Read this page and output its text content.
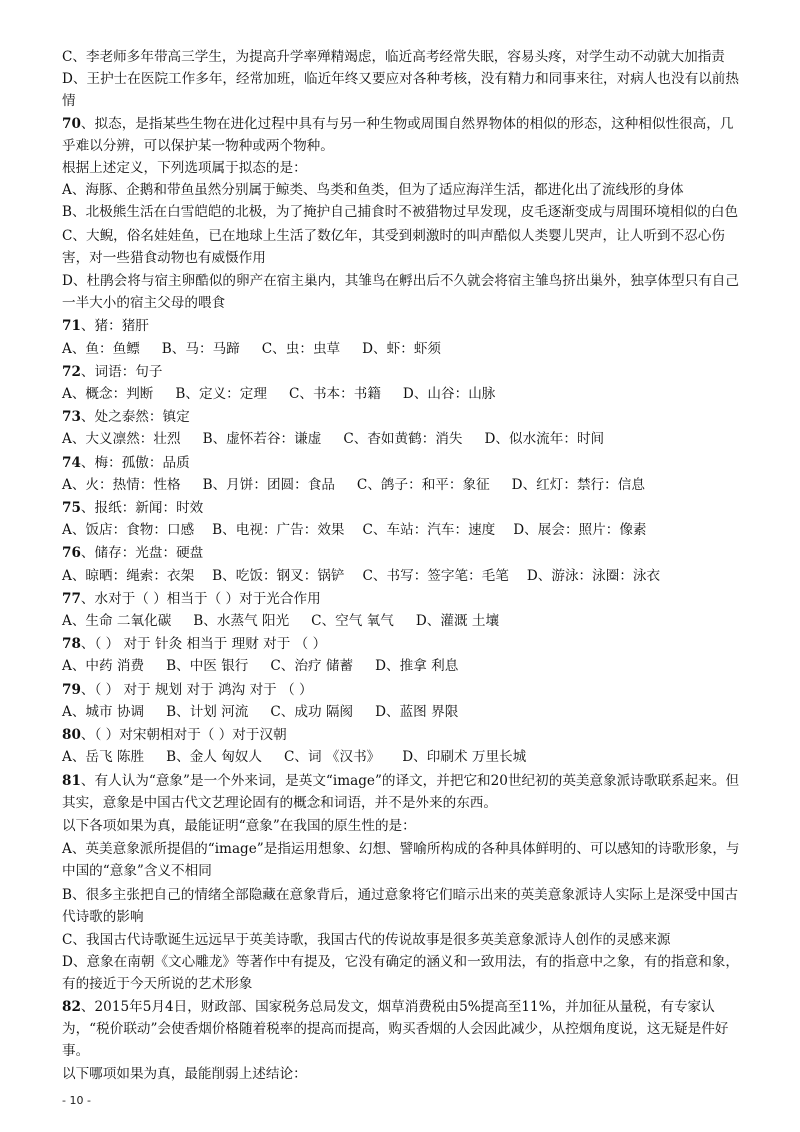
C、李老师多年带高三学生，为提高升学率殚精竭虑，临近高考经常失眠，容易头疼，对学生动不动就大加指责

D、王护士在医院工作多年，经常加班，临近年终又要应对各种考核，没有精力和同事来往，对病人也没有以前热情

70、拟态，是指某些生物在进化过程中具有与另一种生物或周围自然界物体的相似的形态，这种相似性很高，几乎难以分辨，可以保护某一物种或两个物种。

根据上述定义，下列选项属于拟态的是：

A、海豚、企鹅和带鱼虽然分别属于鲸类、鸟类和鱼类，但为了适应海洋生活，都进化出了流线形的身体

B、北极熊生活在白雪皑皑的北极，为了掩护自己捕食时不被猎物过早发现，皮毛逐渐变成与周围环境相似的白色

C、大鲵，俗名娃娃鱼，已在地球上生活了数亿年，其受到刺激时的叫声酷似人类婴儿哭声，让人听到不忍心伤害，对一些猎食动物也有威慑作用

D、杜鹃会将与宿主卵酷似的卵产在宿主巢内，其雏鸟在孵出后不久就会将宿主雏鸟挤出巢外，独享体型只有自己一半大小的宿主父母的喂食

71、猪：猪肝

A、鱼：鱼鳔 B、马：马蹄 C、虫：虫草 D、虾：虾须

72、词语：句子

A、概念：判断 B、定义：定理 C、书本：书籍 D、山谷：山脉

73、处之泰然：镇定

A、大义凛然：壮烈 B、虚怀若谷：谦虚 C、杳如黄鹤：消失 D、似水流年：时间

74、梅：孤傲：品质

A、火：热情：性格 B、月饼：团圆：食品 C、鸽子：和平：象征 D、红灯：禁行：信息

75、报纸：新闻：时效

A、饭店：食物：口感 B、电视：广告：效果 C、车站：汽车：速度 D、展会：照片：像素

76、储存：光盘：硬盘

A、晾晒：绳索：衣架 B、吃饭：钢叉：锅铲 C、书写：签字笔：毛笔 D、游泳：泳圈：泳衣

77、水对于（ ）相当于（ ）对于光合作用

A、生命 二氧化碳 B、水蒸气 阳光 C、空气 氧气 D、灌溉 土壤

78、（ ） 对于 针灸 相当于 理财 对于 （ ）

A、中药 消费 B、中医 银行 C、治疗 储蓄 D、推拿 利息

79、（ ） 对于 规划 对于 鸿沟 对于 （ ）

A、城市 协调 B、计划 河流 C、成功 隔阂 D、蓝图 界限

80、（ ）对宋朝相对于（ ）对于汉朝

A、岳飞 陈胜 B、金人 匈奴人 C、词 《汉书》 D、印刷术 万里长城

81、有人认为“意象”是一个外来词，是英文“image”的译文，并把它和20世纪初的英美意象派诗歌联系起来。但其实，意象是中国古代文艺理论固有的概念和词语，并不是外来的东西。

以下各项如果为真，最能证明“意象”在我国的原生性的是：

A、英美意象派所提倡的“image”是指运用想象、幻想、譬喻所构成的各种具体鲜明的、可以感知的诗歌形象，与中国的“意象”含义不相同

B、很多主张把自己的情绪全部隐藏在意象背后，通过意象将它们暗示出来的英美意象派诗人实际上是深受中国古代诗歌的影响

C、我国古代诗歌诞生远远早于英美诗歌，我国古代的传说故事是很多英美意象派诗人创作的灵感来源

D、意象在南朝《文心雕龙》等著作中有提及，它没有确定的涵义和一致用法，有的指意中之象，有的指意和象，有的接近于今天所说的艺术形象

82、2015年5月4日，财政部、国家税务总局发文，烟草消费税由5%提高至11%，并加征从量税，有专家认为，“税价联动”会使香烟价格随着税率的提高而提高，购买香烟的人会因此减少，从控烟角度说，这无疑是件好事。

以下哪项如果为真，最能削弱上述结论：

- 10 -
